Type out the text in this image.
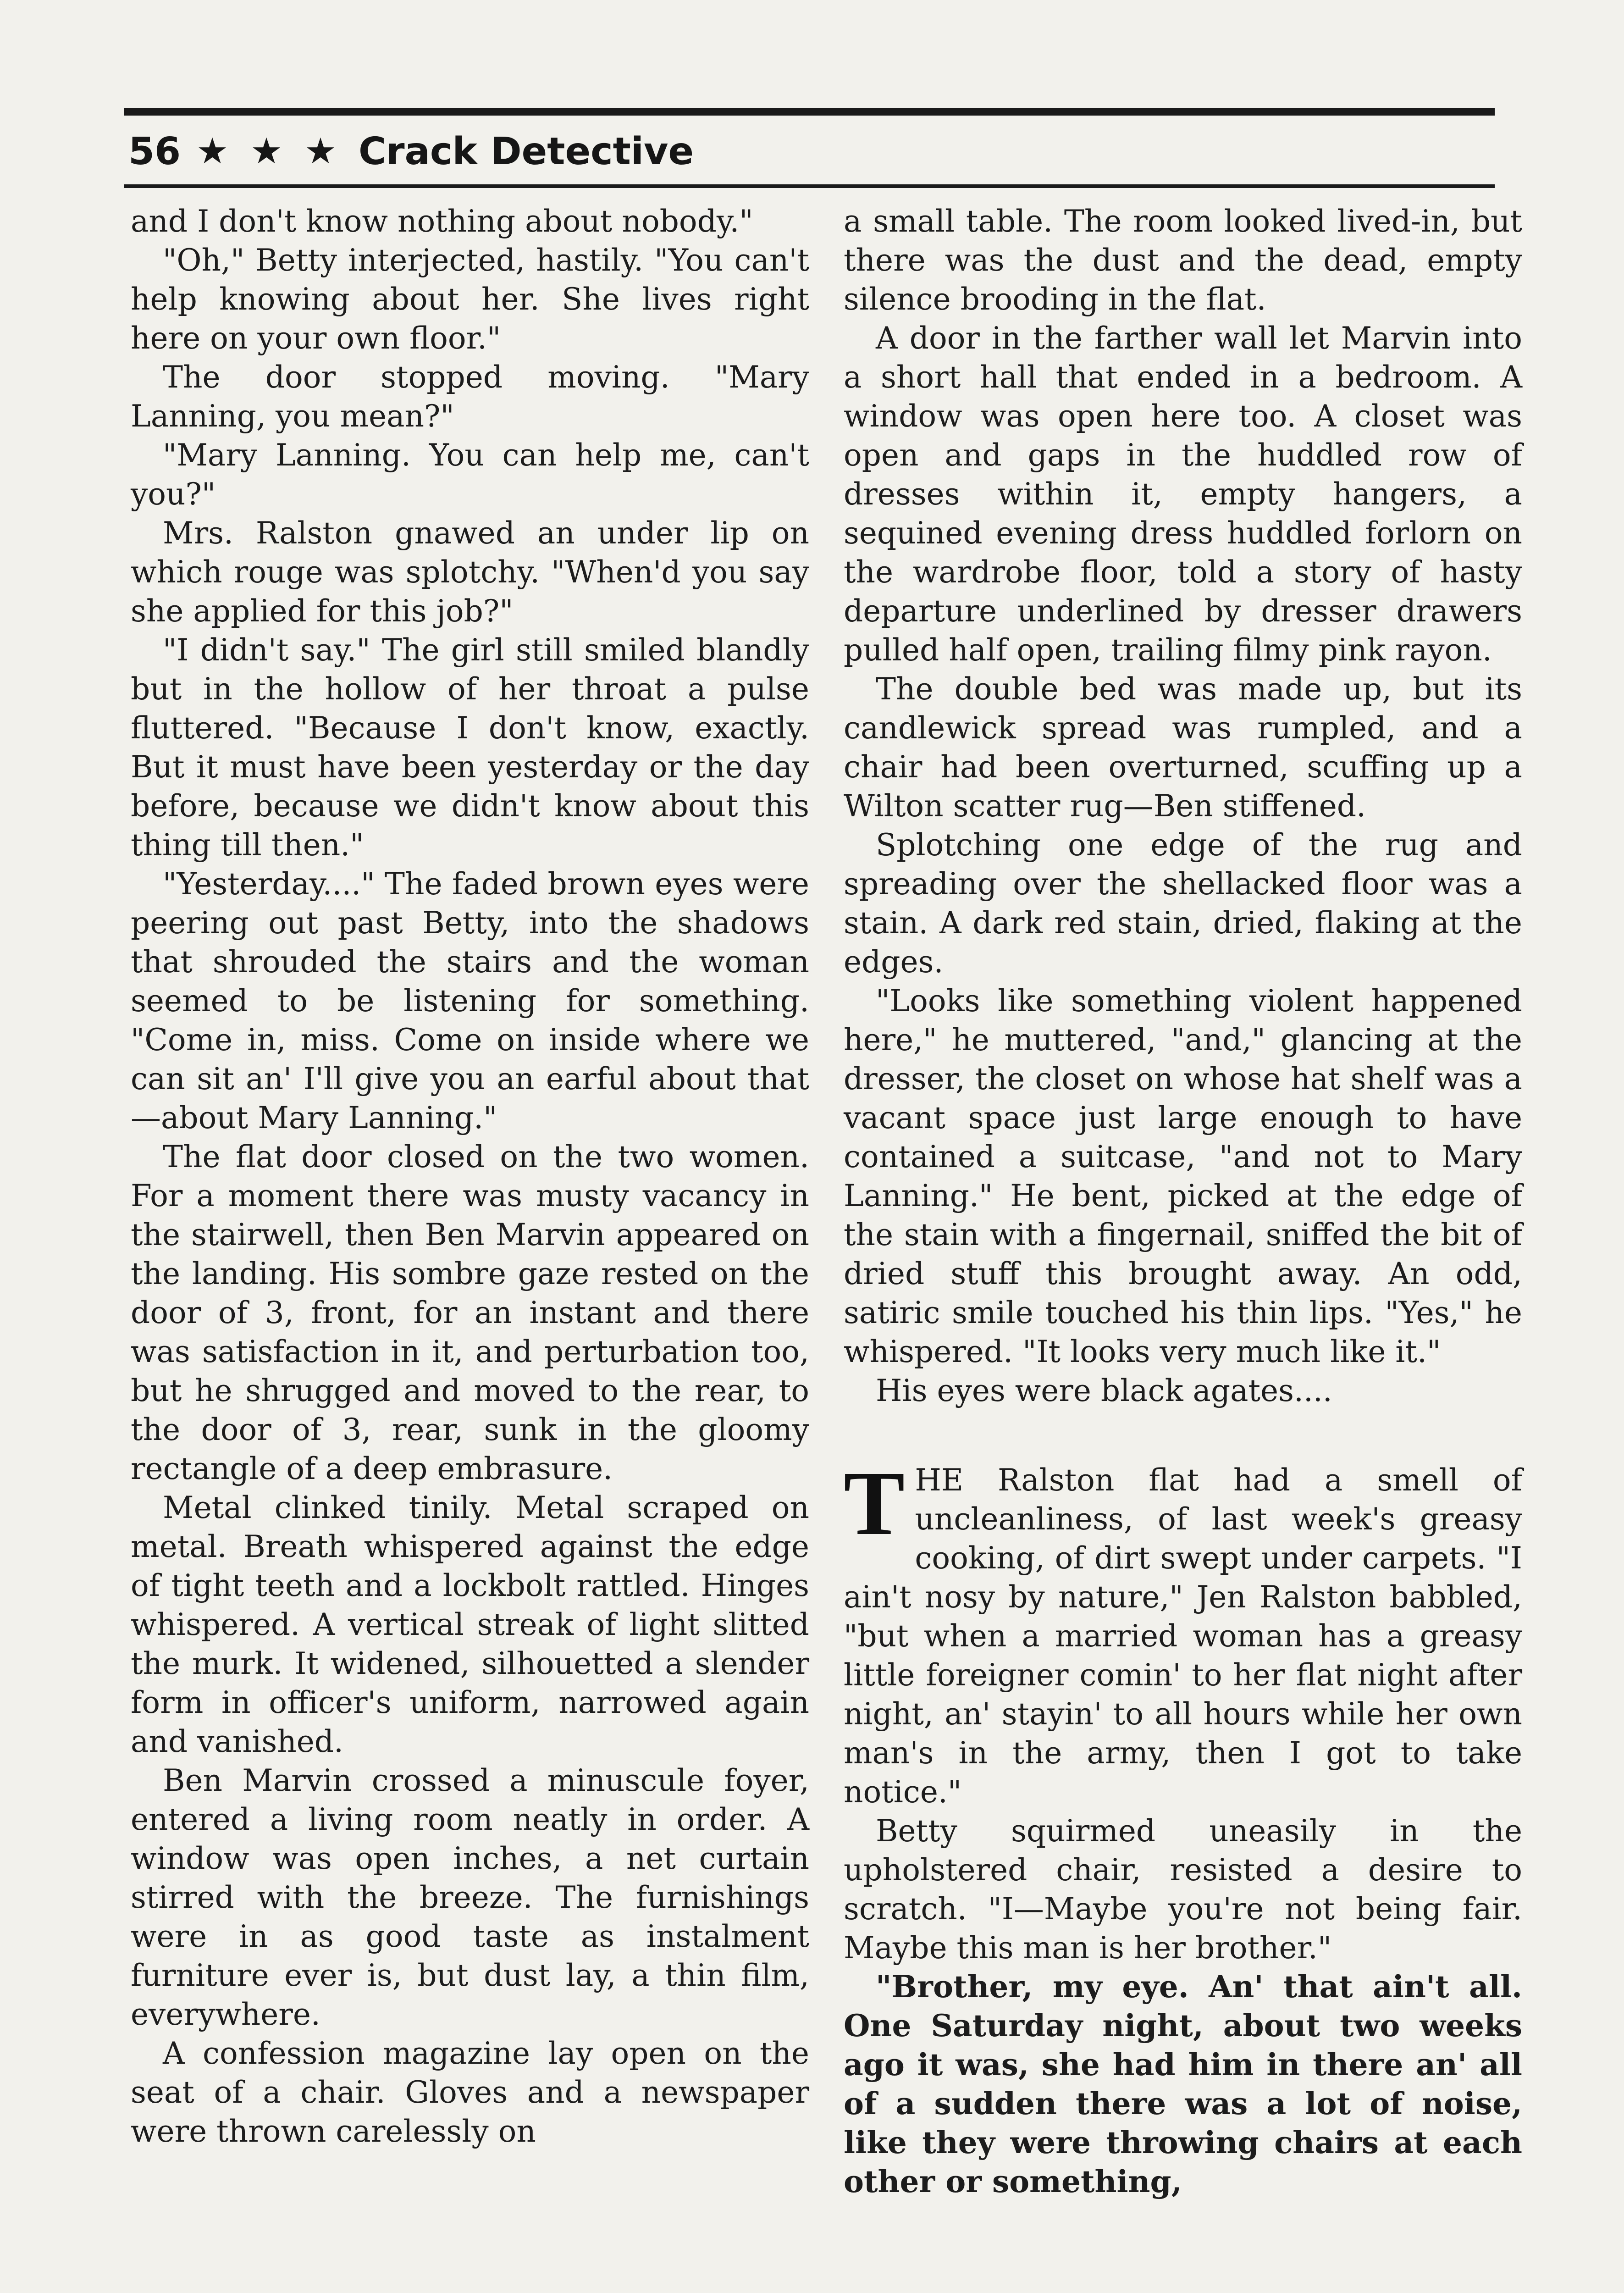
56 ★ ★ ★ Crack Detective

and I don't know nothing about nobody."

"Oh," Betty interjected, hastily. "You can't help knowing about her. She lives right here on your own floor."

The door stopped moving. "Mary Lanning, you mean?"

"Mary Lanning. You can help me, can't you?"

Mrs. Ralston gnawed an under lip on which rouge was splotchy. "When'd you say she applied for this job?"

"I didn't say." The girl still smiled blandly but in the hollow of her throat a pulse fluttered. "Because I don't know, exactly. But it must have been yesterday or the day before, because we didn't know about this thing till then."

"Yesterday...." The faded brown eyes were peering out past Betty, into the shadows that shrouded the stairs and the woman seemed to be listening for something. "Come in, miss. Come on inside where we can sit an' I'll give you an earful about that—about Mary Lanning."

The flat door closed on the two women. For a moment there was musty vacancy in the stairwell, then Ben Marvin appeared on the landing. His sombre gaze rested on the door of 3, front, for an instant and there was satisfaction in it, and perturbation too, but he shrugged and moved to the rear, to the door of 3, rear, sunk in the gloomy rectangle of a deep embrasure.

Metal clinked tinily. Metal scraped on metal. Breath whispered against the edge of tight teeth and a lockbolt rattled. Hinges whispered. A vertical streak of light slitted the murk. It widened, silhouetted a slender form in officer's uniform, narrowed again and vanished.

Ben Marvin crossed a minuscule foyer, entered a living room neatly in order. A window was open inches, a net curtain stirred with the breeze. The furnishings were in as good taste as instalment furniture ever is, but dust lay, a thin film, everywhere.

A confession magazine lay open on the seat of a chair. Gloves and a newspaper were thrown carelessly on

a small table. The room looked lived-in, but there was the dust and the dead, empty silence brooding in the flat.

A door in the farther wall let Marvin into a short hall that ended in a bedroom. A window was open here too. A closet was open and gaps in the huddled row of dresses within it, empty hangers, a sequined evening dress huddled forlorn on the wardrobe floor, told a story of hasty departure underlined by dresser drawers pulled half open, trailing filmy pink rayon.

The double bed was made up, but its candlewick spread was rumpled, and a chair had been overturned, scuffing up a Wilton scatter rug—Ben stiffened.

Splotching one edge of the rug and spreading over the shellacked floor was a stain. A dark red stain, dried, flaking at the edges.

"Looks like something violent happened here," he muttered, "and," glancing at the dresser, the closet on whose hat shelf was a vacant space just large enough to have contained a suitcase, "and not to Mary Lanning." He bent, picked at the edge of the stain with a fingernail, sniffed the bit of dried stuff this brought away. An odd, satiric smile touched his thin lips. "Yes," he whispered. "It looks very much like it."

His eyes were black agates....

T HE Ralston flat had a smell of uncleanliness, of last week's greasy cooking, of dirt swept under carpets. "I ain't nosy by nature," Jen Ralston babbled, "but when a married woman has a greasy little foreigner comin' to her flat night after night, an' stayin' to all hours while her own man's in the army, then I got to take notice."

Betty squirmed uneasily in the upholstered chair, resisted a desire to scratch. "I—Maybe you're not being fair. Maybe this man is her brother."

"Brother, my eye. An' that ain't all. One Saturday night, about two weeks ago it was, she had him in there an' all of a sudden there was a lot of noise, like they were throwing chairs at each other or something,
